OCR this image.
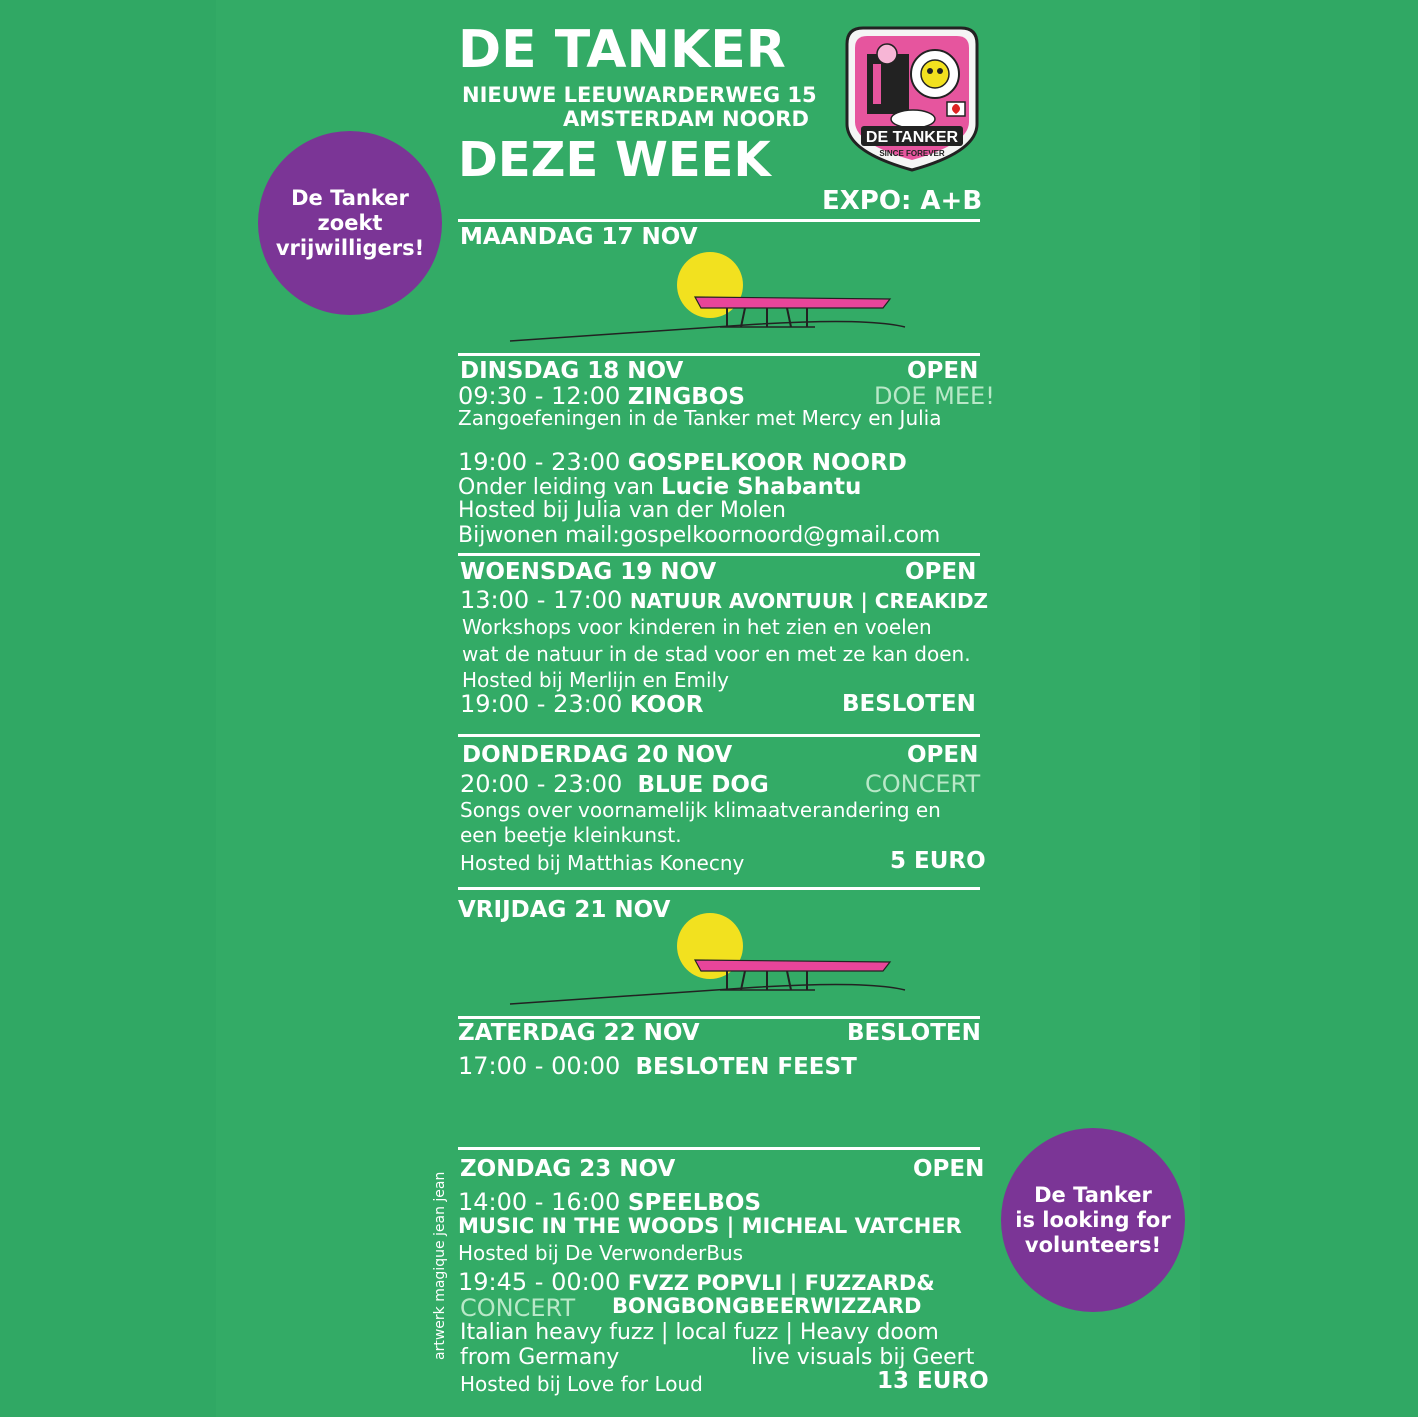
DE TANKER
NIEUWE LEEUWARDERWEG 15
AMSTERDAM NOORD
DEZE WEEK
EXPO: A+B
DE TANKER
SINCE FOREVER
De Tanker
zoekt
vrijwilligers!
De Tanker
is looking for
volunteers!
artwerk magique jean jean
MAANDAG 17 NOV
DINSDAG 18 NOV	OPEN
09:30 - 12:00 ZINGBOS	DOE MEE!
Zangoefeningen in de Tanker met Mercy en Julia
19:00 - 23:00 GOSPELKOOR NOORD
Onder leiding van Lucie Shabantu
Hosted bij Julia van der Molen
Bijwonen mail:gospelkoornoord@gmail.com
WOENSDAG 19 NOV	OPEN
13:00 - 17:00 NATUUR AVONTUUR | CREAKIDZ
Workshops voor kinderen in het zien en voelen
wat de natuur in de stad voor en met ze kan doen.
Hosted bij Merlijn en Emily
19:00 - 23:00 KOOR	BESLOTEN
DONDERDAG 20 NOV	OPEN
20:00 - 23:00 BLUE DOG	CONCERT
Songs over voornamelijk klimaatverandering en
een beetje kleinkunst.
Hosted bij Matthias Konecny	5 EURO
VRIJDAG 21 NOV
ZATERDAG 22 NOV	BESLOTEN
17:00 - 00:00 BESLOTEN FEEST
ZONDAG 23 NOV	OPEN
14:00 - 16:00 SPEELBOS
MUSIC IN THE WOODS | MICHEAL VATCHER
Hosted bij De VerwonderBus
19:45 - 00:00 FVZZ POPVLI | FUZZARD&
CONCERT BONGBONGBEERWIZZARD
Italian heavy fuzz | local fuzz | Heavy doom
from Germany	live visuals bij Geert
Hosted bij Love for Loud	13 EURO
